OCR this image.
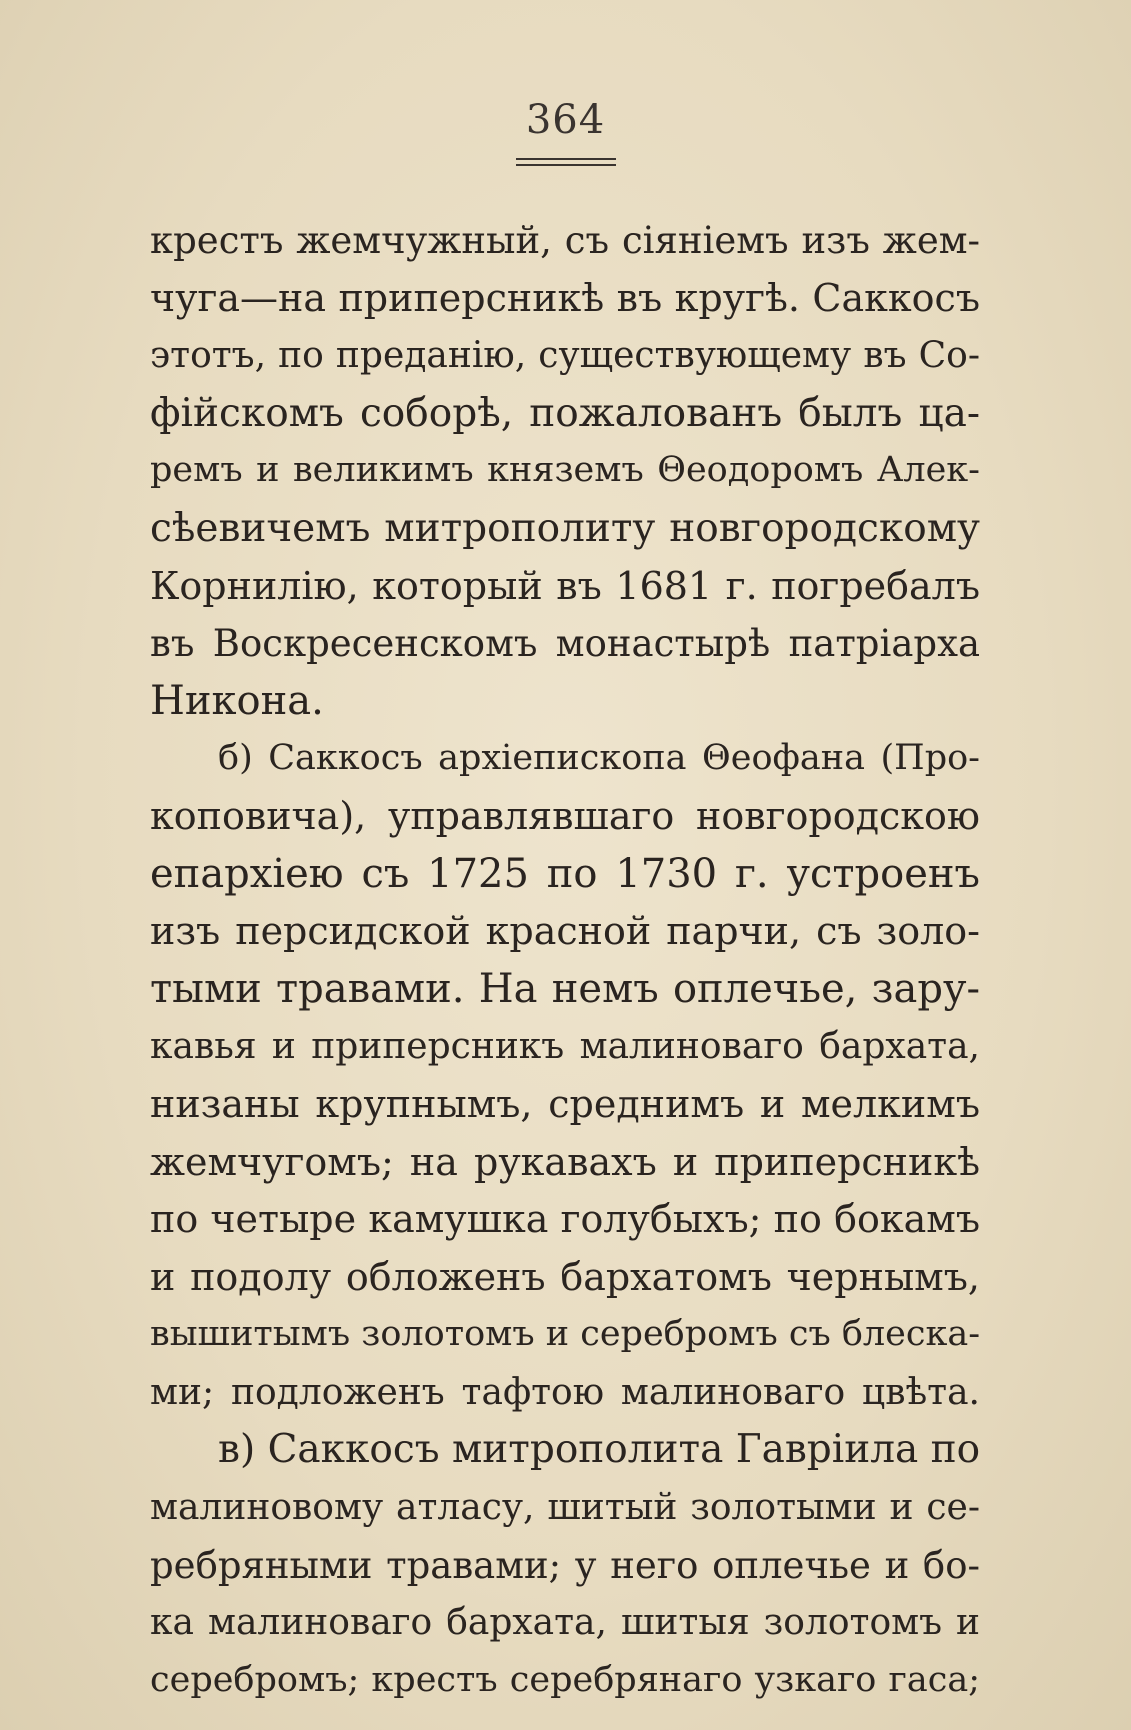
364
крестъ жемчужный, съ сіяніемъ изъ жем-
чуга—на приперсникѣ въ кругѣ. Саккосъ
этотъ, по преданію, существующему въ Со-
фійскомъ соборѣ, пожалованъ былъ ца-
ремъ и великимъ княземъ Θеодоромъ Алек-
сѣевичемъ митрополиту новгородскому
Корнилію, который въ 1681 г. погребалъ
въ Воскресенскомъ монастырѣ патріарха
Никона.
б) Саккосъ архіепископа Θеофана (Про-
коповича), управлявшаго новгородскою
епархіею съ 1725 по 1730 г. устроенъ
изъ персидской красной парчи, съ золо-
тыми травами. На немъ оплечье, зару-
кавья и приперсникъ малиноваго бархата,
низаны крупнымъ, среднимъ и мелкимъ
жемчугомъ; на рукавахъ и приперсникѣ
по четыре камушка голубыхъ; по бокамъ
и подолу обложенъ бархатомъ чернымъ,
вышитымъ золотомъ и серебромъ съ блеска-
ми; подложенъ тафтою малиноваго цвѣта.
в) Саккосъ митрополита Гавріила по
малиновому атласу, шитый золотыми и се-
ребряными травами; у него оплечье и бо-
ка малиноваго бархата, шитыя золотомъ и
серебромъ; крестъ серебрянаго узкаго гаса;
